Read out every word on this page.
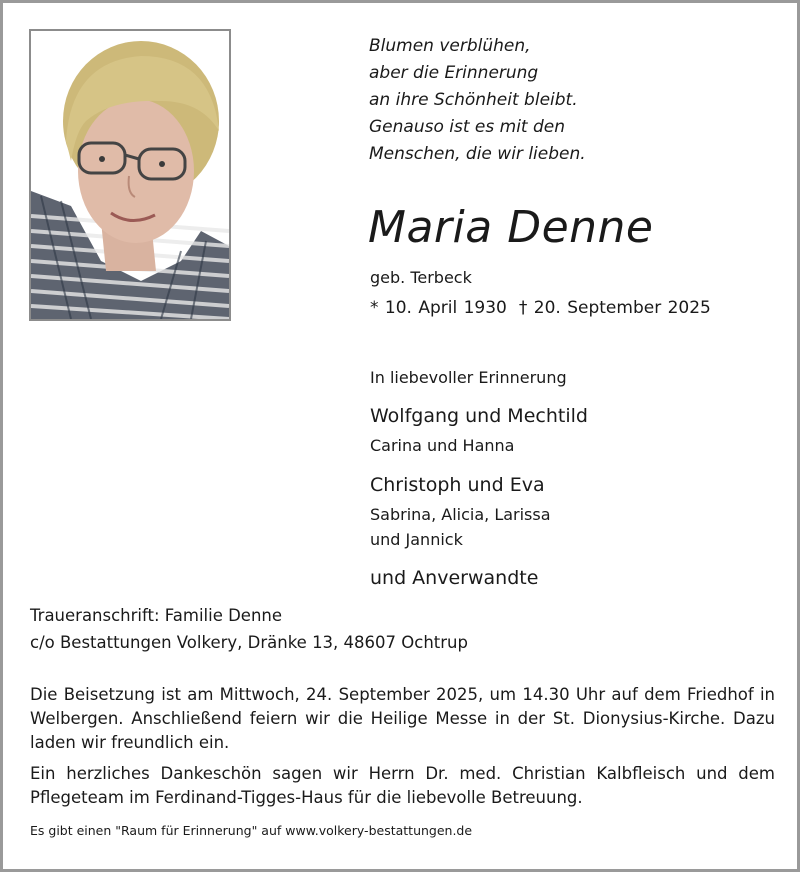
Blumen verblühen,
aber die Erinnerung
an ihre Schönheit bleibt.
Genauso ist es mit den
Menschen, die wir lieben.
Maria Denne
geb. Terbeck
* 10. April 1930 † 20. September 2025
In liebevoller Erinnerung
Wolfgang und Mechtild
Carina und Hanna
Christoph und Eva
Sabrina, Alicia, Larissa
und Jannick
und Anverwandte
Traueranschrift: Familie Denne
c/o Bestattungen Volkery, Dränke 13, 48607 Ochtrup
Die Beisetzung ist am Mittwoch, 24. September 2025, um 14.30 Uhr auf dem Friedhof in Welbergen. Anschließend feiern wir die Heilige Messe in der St. Dionysius-Kirche. Dazu laden wir freundlich ein.
Ein herzliches Dankeschön sagen wir Herrn Dr. med. Christian Kalbfleisch und dem Pflegeteam im Ferdinand-Tigges-Haus für die liebevolle Betreuung.
Es gibt einen "Raum für Erinnerung" auf www.volkery-bestattungen.de
